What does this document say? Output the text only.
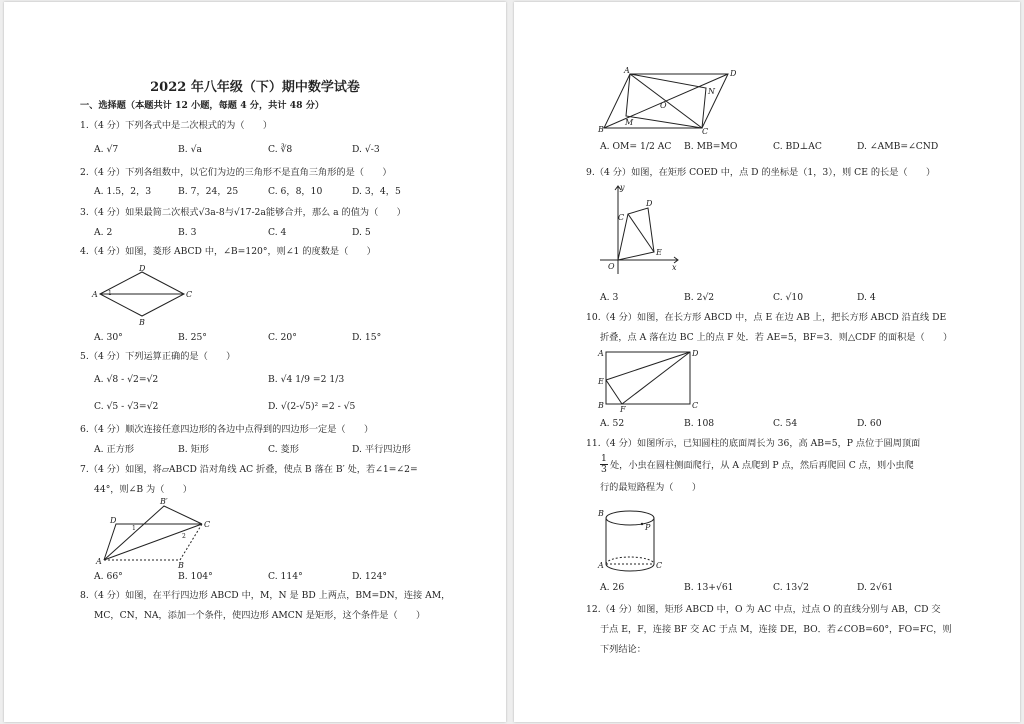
2022 年八年级（下）期中数学试卷
一、选择题（本题共计 12 小题，每题 4 分，共计 48 分）
1.（4 分）下列各式中是二次根式的为（　　）
A. √7	B. √a	C. ∛8	D. √-3
2.（4 分）下列各组数中，以它们为边的三角形不是直角三角形的是（　　）
A. 1.5，2，3	B. 7，24，25	C. 6，8，10	D. 3，4，5
3.（4 分）如果最简二次根式√3a-8与√17-2a能够合并，那么 a 的值为（　　）
A. 2	B. 3	C. 4	D. 5
4.（4 分）如图，菱形 ABCD 中，∠B=120°，则∠1 的度数是（　　）
D
A	C
B
1
A. 30°	B. 25°	C. 20°	D. 15°
5.（4 分）下列运算正确的是（　　）
A. √8 - √2=√2	B. √4 1/9 =2 1/3
C. √5 - √3=√2	D. √(2-√5)² =2 - √5
6.（4 分）顺次连接任意四边形的各边中点得到的四边形一定是（　　）
A. 正方形	B. 矩形	C. 菱形	D. 平行四边形
7.（4 分）如图，将▱ABCD 沿对角线 AC 折叠，使点 B 落在 B′ 处，若∠1=∠2=
44°，则∠B 为（　　）
B′
D	C
A	B
1
2
A. 66°	B. 104°	C. 114°	D. 124°
8.（4 分）如图，在平行四边形 ABCD 中，M，N 是 BD 上两点，BM=DN，连接 AM，
MC，CN，NA，添加一个条件，使四边形 AMCN 是矩形，这个条件是（　　）
A	D
B	C
N
M
O
A. OM= 1/2 AC B. MB=MO	C. BD⊥AC	D. ∠AMB=∠CND
9.（4 分）如图，在矩形 COED 中，点 D 的坐标是（1，3），则 CE 的长是（　　）
y
x
C
D
E
O
A. 3	B. 2√2	C. √10	D. 4
10.（4 分）如图，在长方形 ABCD 中，点 E 在边 AB 上，把长方形 ABCD 沿直线 DE
折叠，点 A 落在边 BC 上的点 F 处．若 AE=5，BF=3．则△CDF 的面积是（　　）
A	D
E
B F	C
A. 52	B. 108	C. 54	D. 60
11.（4 分）如图所示，已知圆柱的底面周长为 36，高 AB=5，P 点位于圆周顶面
$\frac{1}{3}$ 处，小虫在圆柱侧面爬行，从 A 点爬到 P 点，然后再爬回 C 点，则小虫爬
行的最短路程为（　　）
B
P
A	C
A. 26	B. 13+√61	C. 13√2	D. 2√61
12.（4 分）如图，矩形 ABCD 中，O 为 AC 中点，过点 O 的直线分别与 AB，CD 交
于点 E，F，连接 BF 交 AC 于点 M，连接 DE，BO．若∠COB=60°，FO=FC，则
下列结论：
